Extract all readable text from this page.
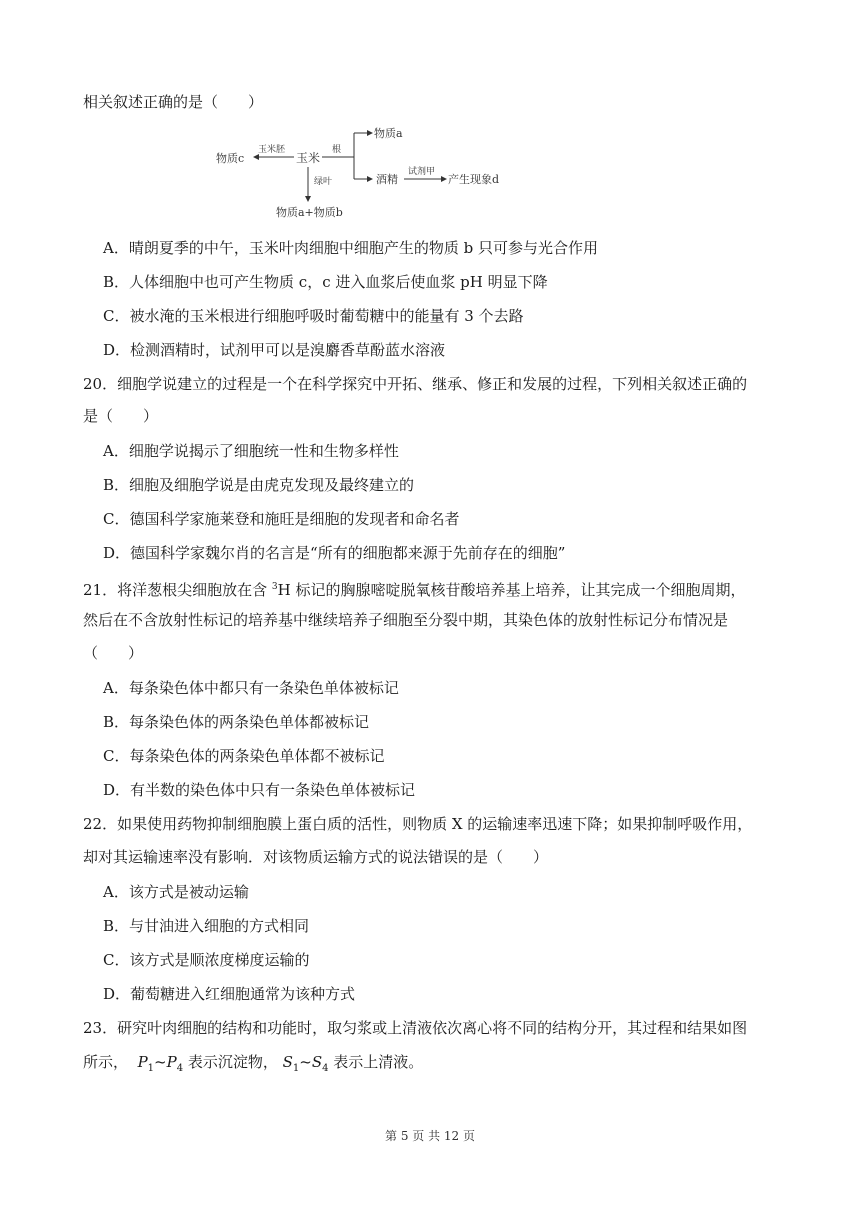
相关叙述正确的是（　　）
物质c
玉米胚
玉米
根
物质a
酒精
试剂甲
产生现象d
绿叶
物质a+物质b
A．晴朗夏季的中午，玉米叶肉细胞中细胞产生的物质 b 只可参与光合作用
B．人体细胞中也可产生物质 c，c 进入血浆后使血浆 pH 明显下降
C．被水淹的玉米根进行细胞呼吸时葡萄糖中的能量有 3 个去路
D．检测酒精时，试剂甲可以是溴麝香草酚蓝水溶液
20．细胞学说建立的过程是一个在科学探究中开拓、继承、修正和发展的过程，下列相关叙述正确的
是（　　）
A．细胞学说揭示了细胞统一性和生物多样性
B．细胞及细胞学说是由虎克发现及最终建立的
C．德国科学家施莱登和施旺是细胞的发现者和命名者
D．德国科学家魏尔肖的名言是“所有的细胞都来源于先前存在的细胞”
21．将洋葱根尖细胞放在含 $^3$H 标记的胸腺嘧啶脱氧核苷酸培养基上培养，让其完成一个细胞周期，
然后在不含放射性标记的培养基中继续培养子细胞至分裂中期，其染色体的放射性标记分布情况是
（　　）
A．每条染色体中都只有一条染色单体被标记
B．每条染色体的两条染色单体都被标记
C．每条染色体的两条染色单体都不被标记
D．有半数的染色体中只有一条染色单体被标记
22．如果使用药物抑制细胞膜上蛋白质的活性，则物质 X 的运输速率迅速下降；如果抑制呼吸作用，
却对其运输速率没有影响．对该物质运输方式的说法错误的是（　　）
A．该方式是被动运输
B．与甘油进入细胞的方式相同
C．该方式是顺浓度梯度运输的
D．葡萄糖进入红细胞通常为该种方式
23．研究叶肉细胞的结构和功能时，取匀浆或上清液依次离心将不同的结构分开，其过程和结果如图
所示， $P_1\sim P_4$ 表示沉淀物， $S_1\sim S_4$ 表示上清液。
第 5 页 共 12 页
